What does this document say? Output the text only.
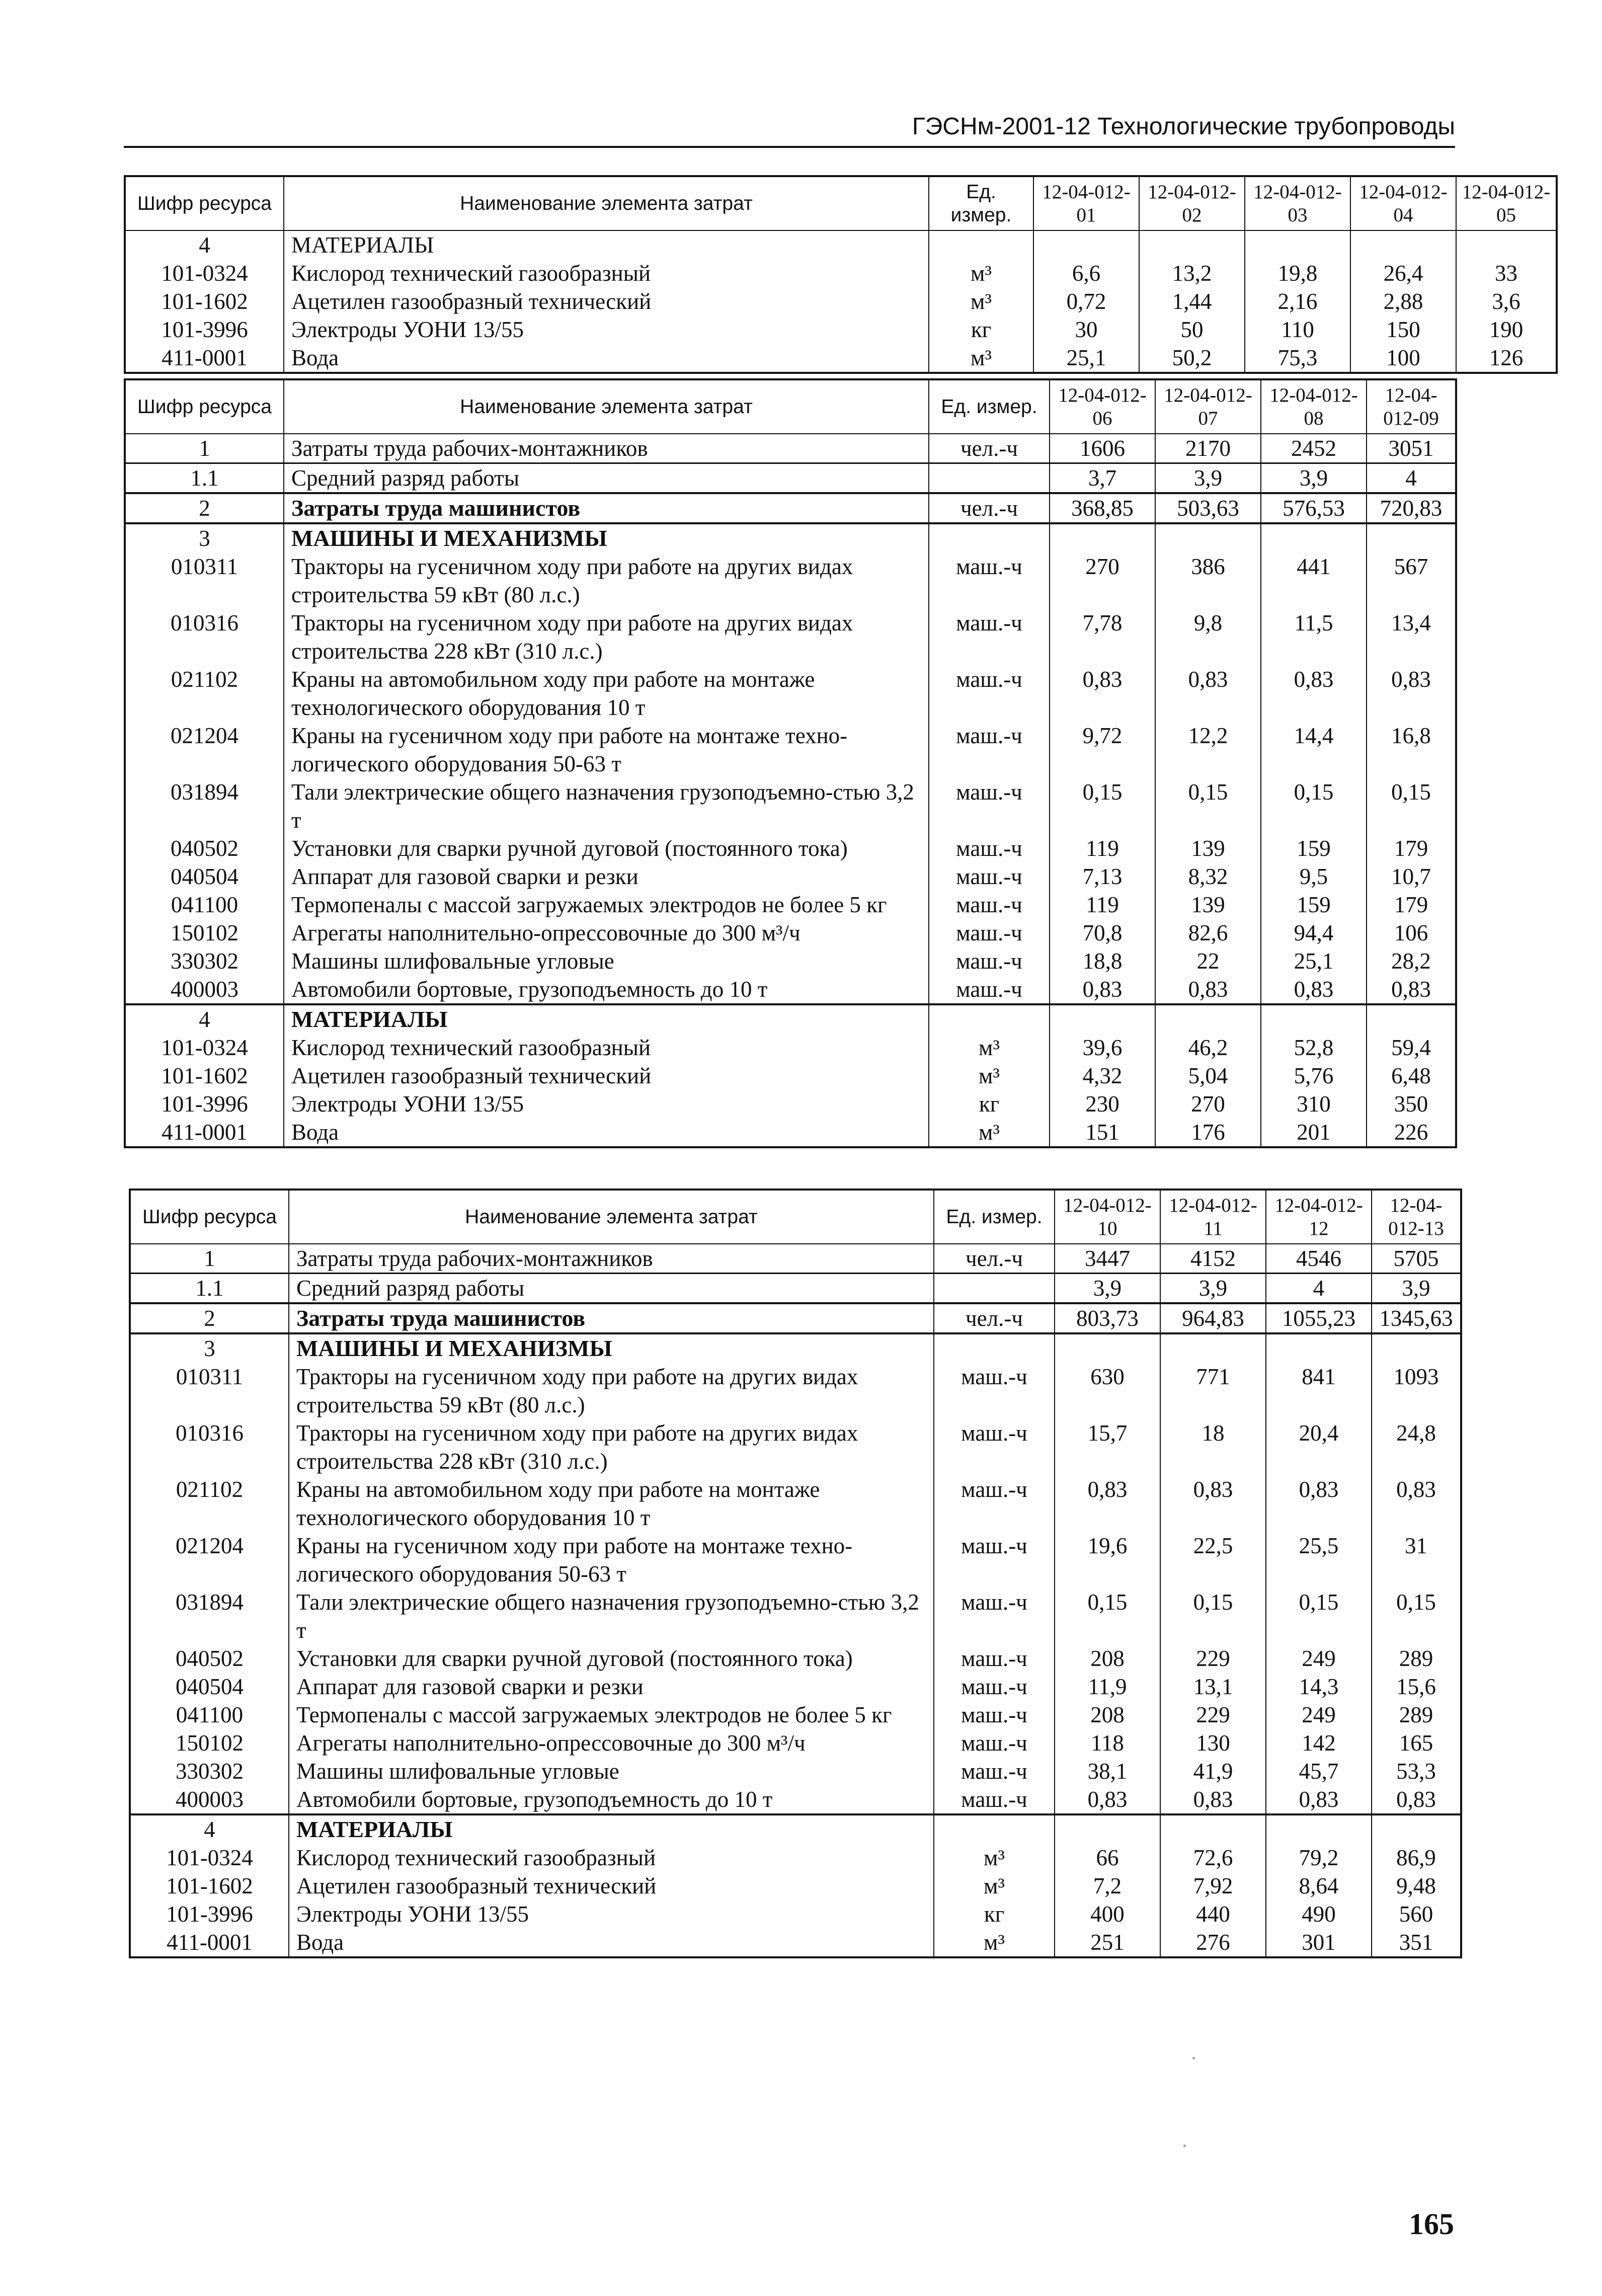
ГЭСНм-2001-12 Технологические трубопроводы
Шифр ресурса	Наименование элемента затрат	Ед. измер.	12-04-012-01	12-04-012-02	12-04-012-03	12-04-012-04	12-04-012-05
4	МАТЕРИАЛЫ						
101-0324	Кислород технический газообразный	м³	6,6	13,2	19,8	26,4	33
101-1602	Ацетилен газообразный технический	м³	0,72	1,44	2,16	2,88	3,6
101-3996	Электроды УОНИ 13/55	кг	30	50	110	150	190
411-0001	Вода	м³	25,1	50,2	75,3	100	126
Шифр ресурса	Наименование элемента затрат	Ед. измер.	12-04-012-06	12-04-012-07	12-04-012-08	12-04-012-09
1	Затраты труда рабочих-монтажников	чел.-ч	1606	2170	2452	3051
1.1	Средний разряд работы		3,7	3,9	3,9	4
2	Затраты труда машинистов	чел.-ч	368,85	503,63	576,53	720,83
3	МАШИНЫ И МЕХАНИЗМЫ					
010311	Тракторы на гусеничном ходу при работе на других видах строительства 59 кВт (80 л.с.)	маш.-ч	270	386	441	567
010316	Тракторы на гусеничном ходу при работе на других видах строительства 228 кВт (310 л.с.)	маш.-ч	7,78	9,8	11,5	13,4
021102	Краны на автомобильном ходу при работе на монтаже технологического оборудования 10 т	маш.-ч	0,83	0,83	0,83	0,83
021204	Краны на гусеничном ходу при работе на монтаже техно-логического оборудования 50-63 т	маш.-ч	9,72	12,2	14,4	16,8
031894	Тали электрические общего назначения грузоподъемно-стью 3,2 т	маш.-ч	0,15	0,15	0,15	0,15
040502	Установки для сварки ручной дуговой (постоянного тока)	маш.-ч	119	139	159	179
040504	Аппарат для газовой сварки и резки	маш.-ч	7,13	8,32	9,5	10,7
041100	Термопеналы с массой загружаемых электродов не более 5 кг	маш.-ч	119	139	159	179
150102	Агрегаты наполнительно-опрессовочные до 300 м³/ч	маш.-ч	70,8	82,6	94,4	106
330302	Машины шлифовальные угловые	маш.-ч	18,8	22	25,1	28,2
400003	Автомобили бортовые, грузоподъемность до 10 т	маш.-ч	0,83	0,83	0,83	0,83
4	МАТЕРИАЛЫ					
101-0324	Кислород технический газообразный	м³	39,6	46,2	52,8	59,4
101-1602	Ацетилен газообразный технический	м³	4,32	5,04	5,76	6,48
101-3996	Электроды УОНИ 13/55	кг	230	270	310	350
411-0001	Вода	м³	151	176	201	226
Шифр ресурса	Наименование элемента затрат	Ед. измер.	12-04-012-10	12-04-012-11	12-04-012-12	12-04-012-13
1	Затраты труда рабочих-монтажников	чел.-ч	3447	4152	4546	5705
1.1	Средний разряд работы		3,9	3,9	4	3,9
2	Затраты труда машинистов	чел.-ч	803,73	964,83	1055,23	1345,63
3	МАШИНЫ И МЕХАНИЗМЫ					
010311	Тракторы на гусеничном ходу при работе на других видах строительства 59 кВт (80 л.с.)	маш.-ч	630	771	841	1093
010316	Тракторы на гусеничном ходу при работе на других видах строительства 228 кВт (310 л.с.)	маш.-ч	15,7	18	20,4	24,8
021102	Краны на автомобильном ходу при работе на монтаже технологического оборудования 10 т	маш.-ч	0,83	0,83	0,83	0,83
021204	Краны на гусеничном ходу при работе на монтаже техно-логического оборудования 50-63 т	маш.-ч	19,6	22,5	25,5	31
031894	Тали электрические общего назначения грузоподъемно-стью 3,2 т	маш.-ч	0,15	0,15	0,15	0,15
040502	Установки для сварки ручной дуговой (постоянного тока)	маш.-ч	208	229	249	289
040504	Аппарат для газовой сварки и резки	маш.-ч	11,9	13,1	14,3	15,6
041100	Термопеналы с массой загружаемых электродов не более 5 кг	маш.-ч	208	229	249	289
150102	Агрегаты наполнительно-опрессовочные до 300 м³/ч	маш.-ч	118	130	142	165
330302	Машины шлифовальные угловые	маш.-ч	38,1	41,9	45,7	53,3
400003	Автомобили бортовые, грузоподъемность до 10 т	маш.-ч	0,83	0,83	0,83	0,83
4	МАТЕРИАЛЫ					
101-0324	Кислород технический газообразный	м³	66	72,6	79,2	86,9
101-1602	Ацетилен газообразный технический	м³	7,2	7,92	8,64	9,48
101-3996	Электроды УОНИ 13/55	кг	400	440	490	560
411-0001	Вода	м³	251	276	301	351
165
